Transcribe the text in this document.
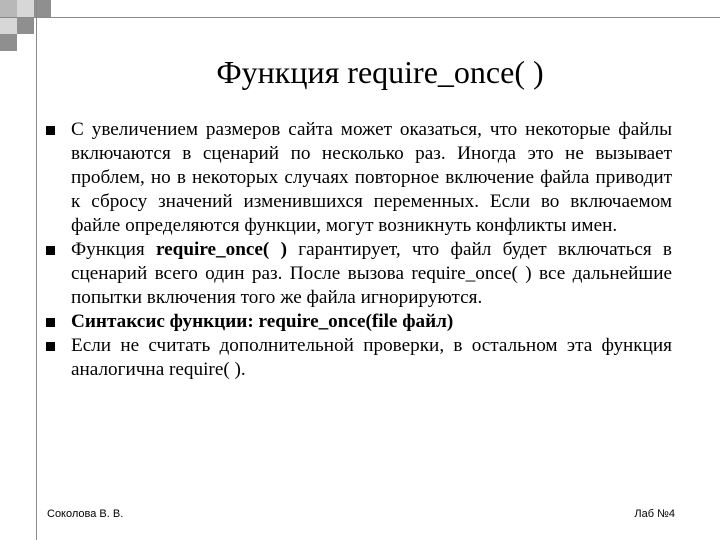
Функция require_once( )
С увеличением размеров сайта может оказаться, что некоторые файлы включаются в сценарий по несколько раз. Иногда это не вызывает проблем, но в некоторых случаях повторное включение файла приводит к сбросу значений изменившихся переменных. Если во включаемом файле определяются функции, могут возникнуть конфликты имен.
Функция require_once( ) гарантирует, что файл будет включаться в сценарий всего один раз. После вызова require_once( ) все дальнейшие попытки включения того же файла игнорируются.
Синтаксис функции: require_once(file файл)
Если не считать дополнительной проверки, в остальном эта функция аналогична require( ).
Соколова В. В.	Лаб №4
